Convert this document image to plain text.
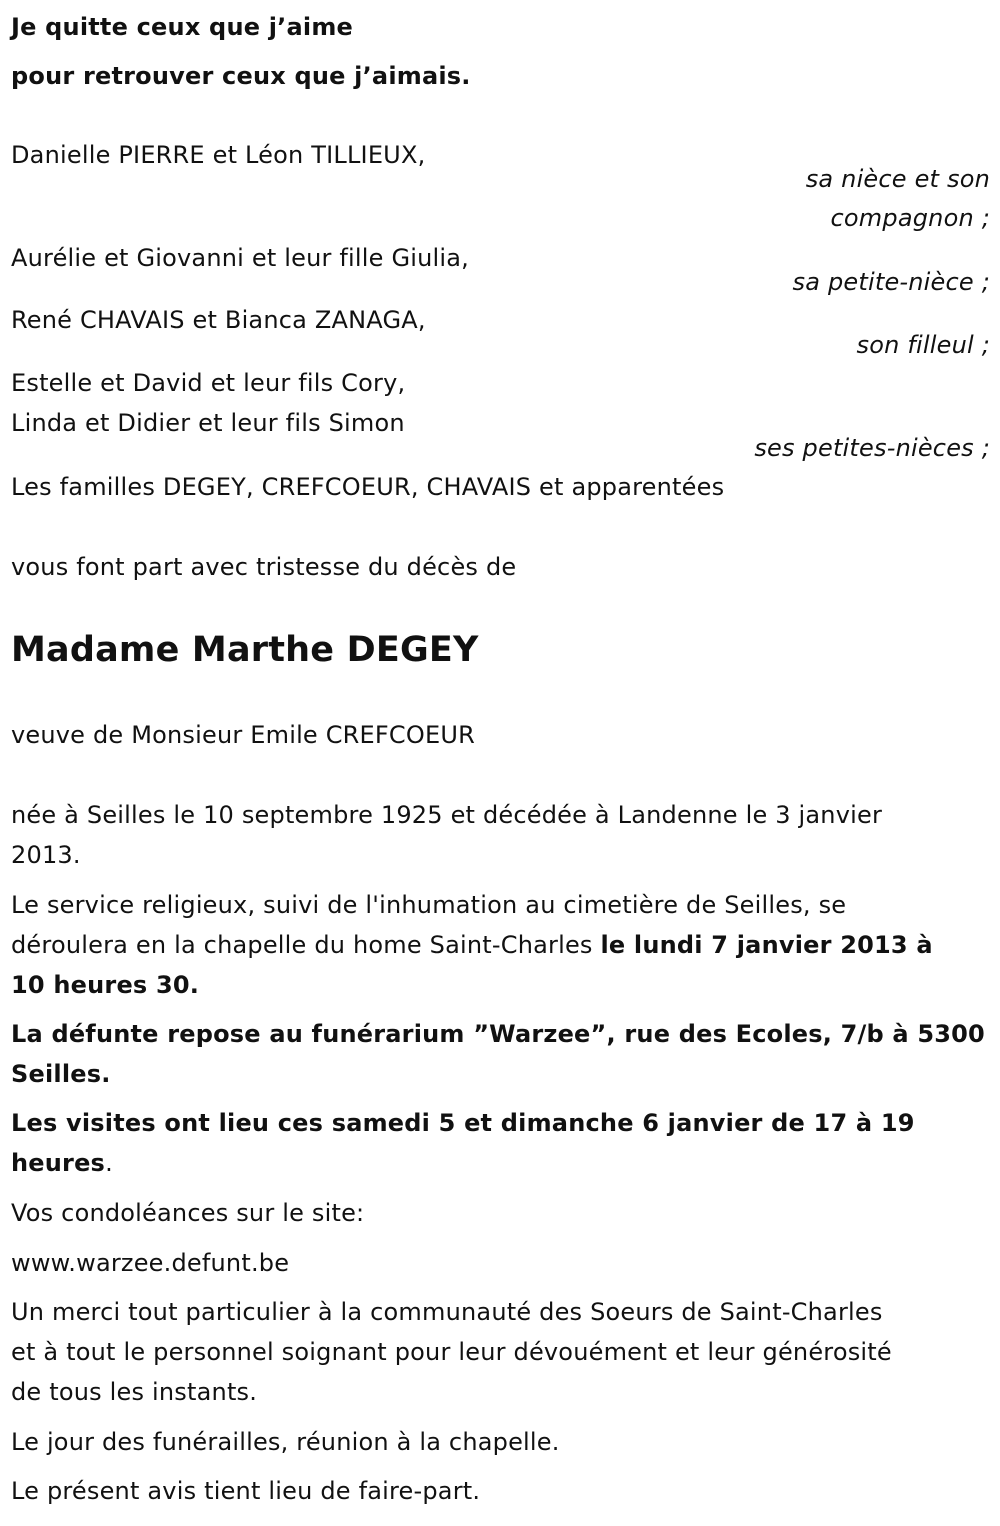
Je quitte ceux que j’aime
pour retrouver ceux que j’aimais.
Danielle PIERRE et Léon TILLIEUX,
sa nièce et son
compagnon ;
Aurélie et Giovanni et leur fille Giulia,
sa petite-nièce ;
René CHAVAIS et Bianca ZANAGA,
son filleul ;
Estelle et David et leur fils Cory,
Linda et Didier et leur fils Simon
ses petites-nièces ;
Les familles DEGEY, CREFCOEUR, CHAVAIS et apparentées
vous font part avec tristesse du décès de
Madame Marthe DEGEY
veuve de Monsieur Emile CREFCOEUR
née à Seilles le 10 septembre 1925 et décédée à Landenne le 3 janvier
2013.
Le service religieux, suivi de l'inhumation au cimetière de Seilles, se
déroulera en la chapelle du home Saint-Charles le lundi 7 janvier 2013 à
10 heures 30.
La défunte repose au funérarium ”Warzee”, rue des Ecoles, 7/b à 5300
Seilles.
Les visites ont lieu ces samedi 5 et dimanche 6 janvier de 17 à 19
heures.
Vos condoléances sur le site:
www.warzee.defunt.be
Un merci tout particulier à la communauté des Soeurs de Saint-Charles
et à tout le personnel soignant pour leur dévouément et leur générosité
de tous les instants.
Le jour des funérailles, réunion à la chapelle.
Le présent avis tient lieu de faire-part.
